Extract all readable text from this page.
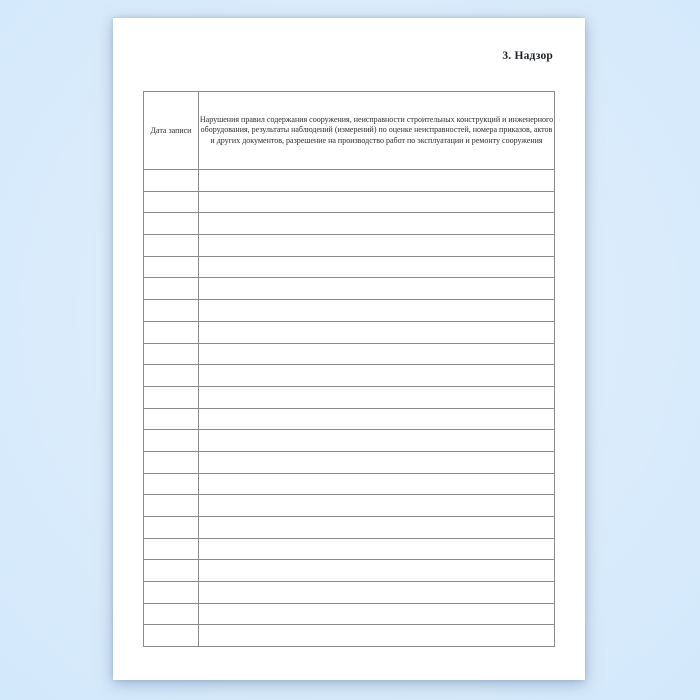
3. Надзор
Дата записи	Нарушения правил содержания сооружения, неисправности строительных конструкций и инженерного оборудования, результаты наблюдений (измерений) по оценке неисправностей, номера приказов, актов и других документов, разрешение на производство работ по эксплуатации и ремонту сооружения
